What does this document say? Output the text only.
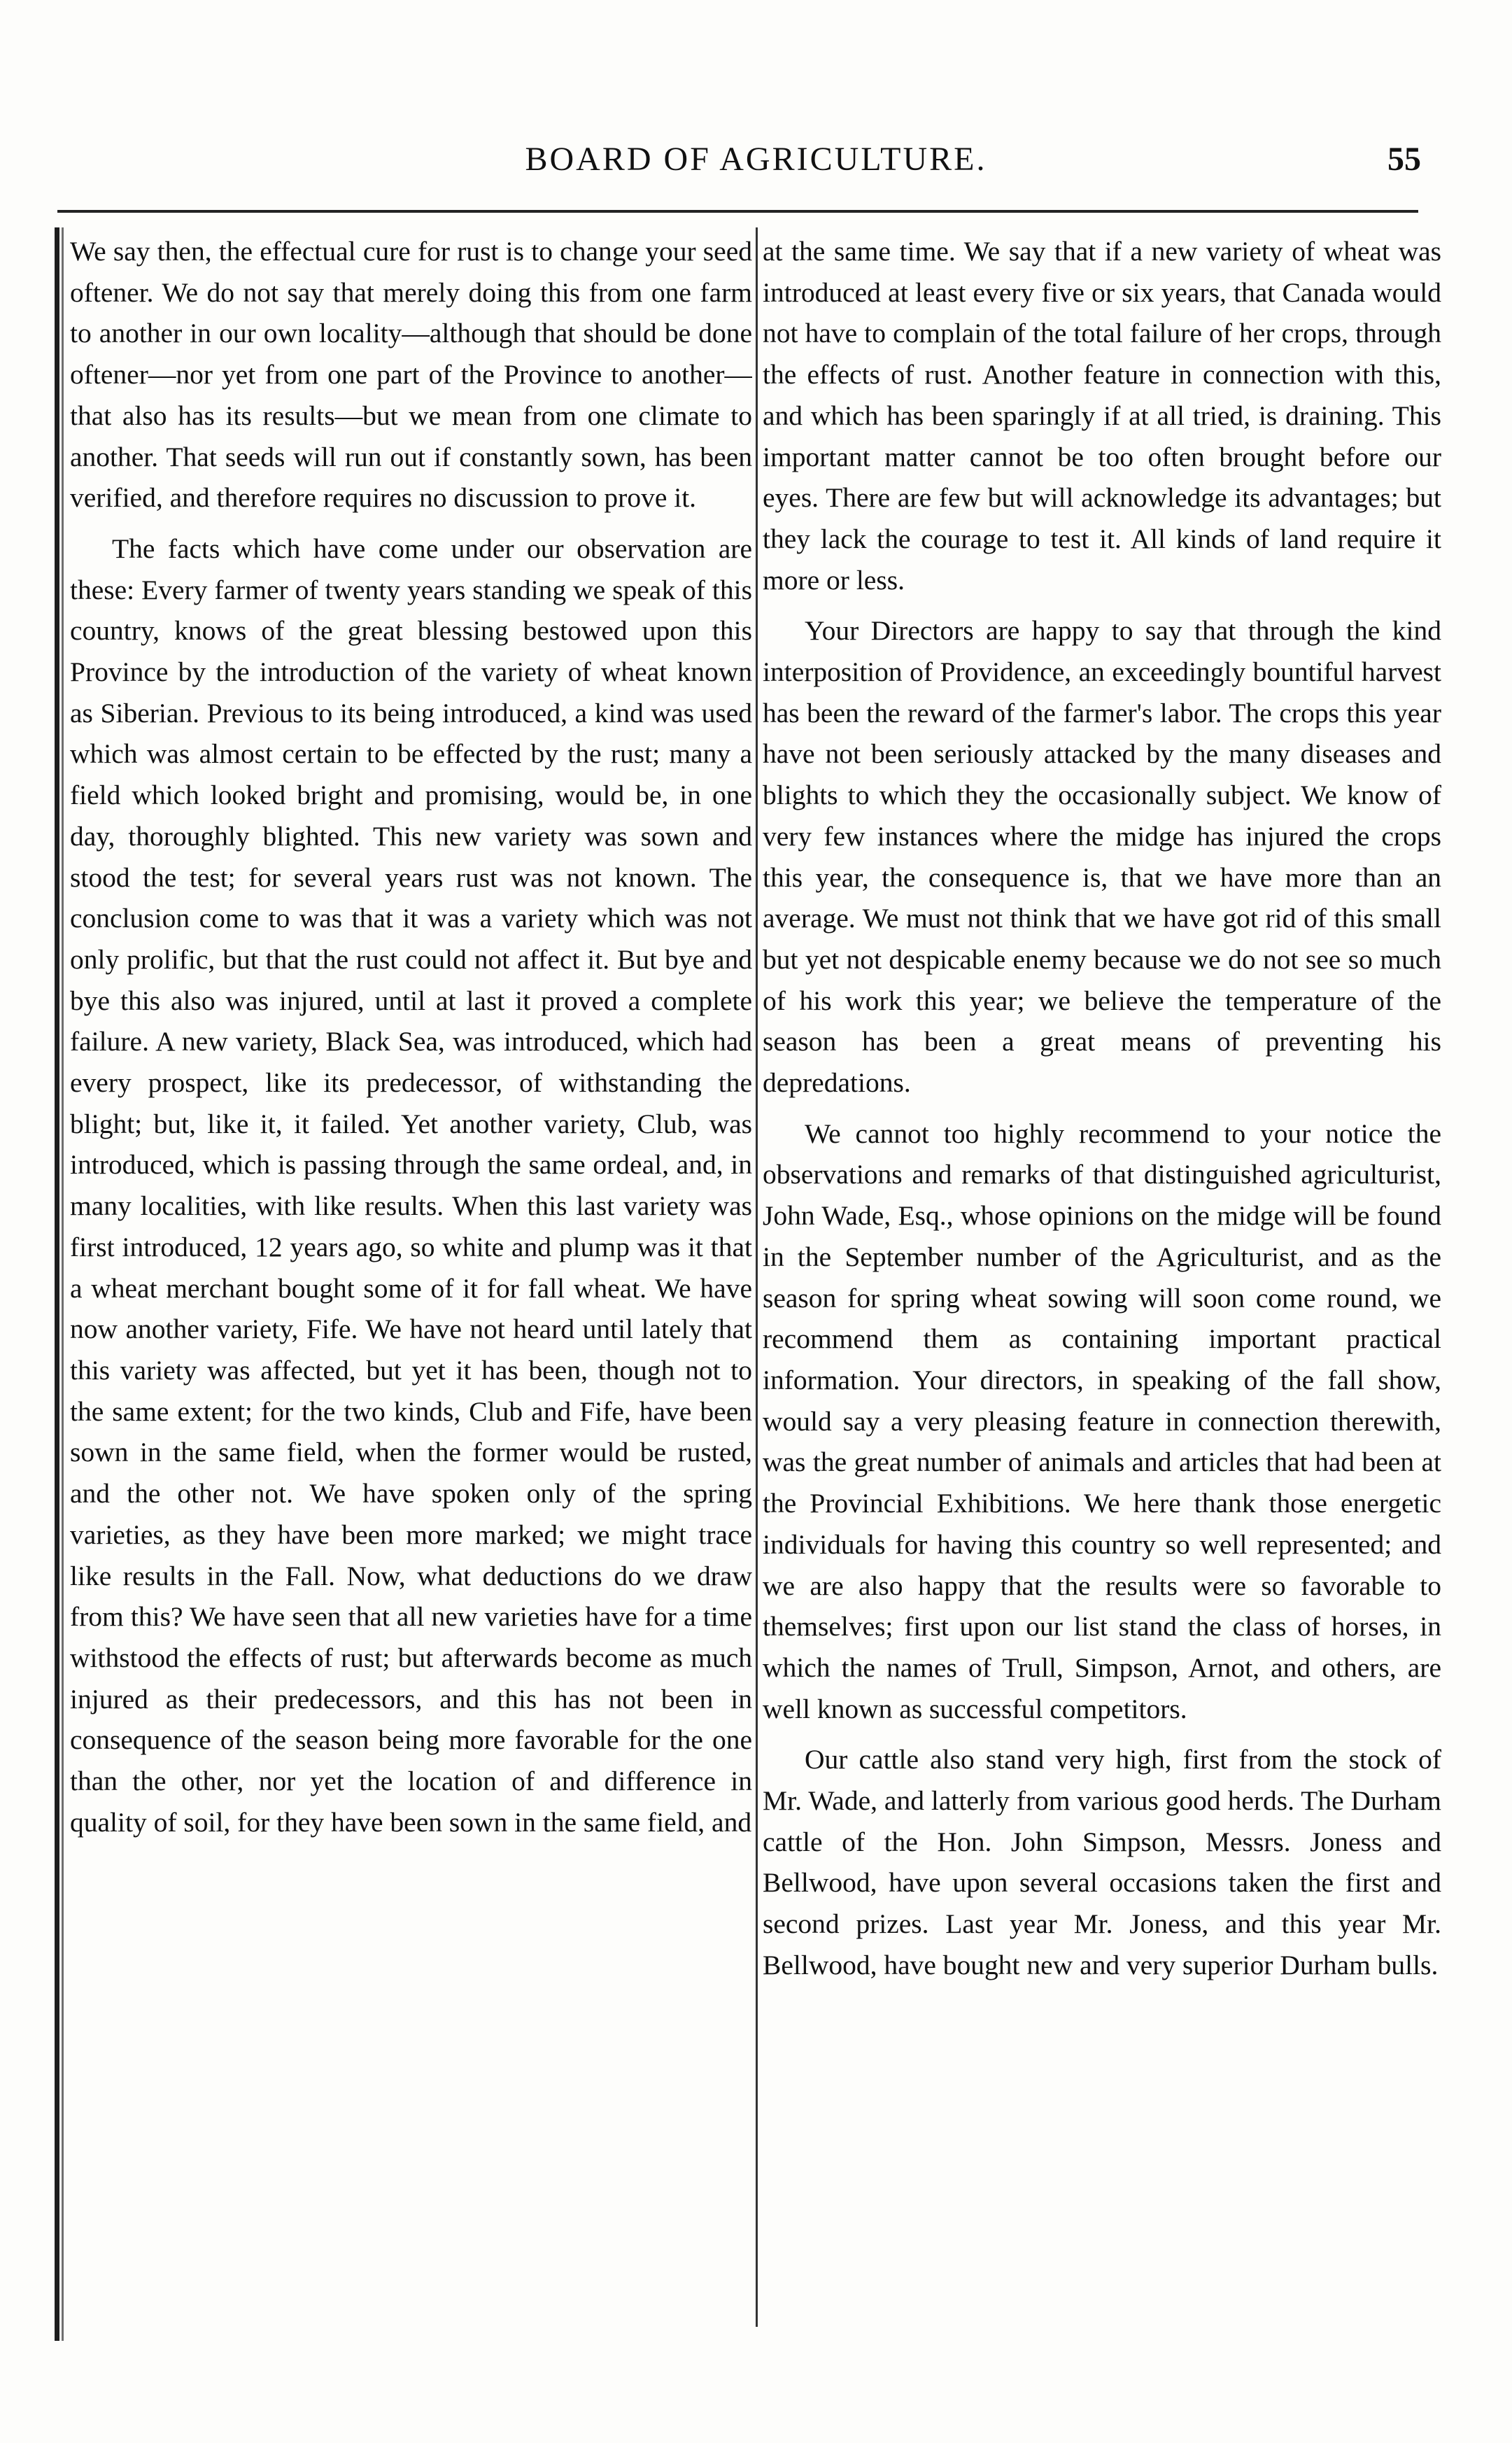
BOARD OF AGRICULTURE.	55

We say then, the effectual cure for rust is to change your seed oftener. We do not say that merely doing this from one farm to another in our own locality—although that should be done oftener—nor yet from one part of the Province to another—that also has its results—but we mean from one climate to another. That seeds will run out if constantly sown, has been verified, and therefore requires no discussion to prove it.

The facts which have come under our observation are these: Every farmer of twenty years standing we speak of this country, knows of the great blessing bestowed upon this Province by the introduction of the variety of wheat known as Siberian. Previous to its being introduced, a kind was used which was almost certain to be effected by the rust; many a field which looked bright and promising, would be, in one day, thoroughly blighted. This new variety was sown and stood the test; for several years rust was not known. The conclusion come to was that it was a variety which was not only prolific, but that the rust could not affect it. But bye and bye this also was injured, until at last it proved a complete failure. A new variety, Black Sea, was introduced, which had every prospect, like its predecessor, of withstanding the blight; but, like it, it failed. Yet another variety, Club, was introduced, which is passing through the same ordeal, and, in many localities, with like results. When this last variety was first introduced, 12 years ago, so white and plump was it that a wheat merchant bought some of it for fall wheat. We have now another variety, Fife. We have not heard until lately that this variety was affected, but yet it has been, though not to the same extent; for the two kinds, Club and Fife, have been sown in the same field, when the former would be rusted, and the other not. We have spoken only of the spring varieties, as they have been more marked; we might trace like results in the Fall. Now, what deductions do we draw from this? We have seen that all new varieties have for a time withstood the effects of rust; but afterwards become as much injured as their predecessors, and this has not been in consequence of the season being more favorable for the one than the other, nor yet the location of and difference in quality of soil, for they have been sown in the same field, and

at the same time. We say that if a new variety of wheat was introduced at least every five or six years, that Canada would not have to complain of the total failure of her crops, through the effects of rust. Another feature in connection with this, and which has been sparingly if at all tried, is draining. This important matter cannot be too often brought before our eyes. There are few but will acknowledge its advantages; but they lack the courage to test it. All kinds of land require it more or less.

Your Directors are happy to say that through the kind interposition of Providence, an exceedingly bountiful harvest has been the reward of the farmer's labor. The crops this year have not been seriously attacked by the many diseases and blights to which they the occasionally subject. We know of very few instances where the midge has injured the crops this year, the consequence is, that we have more than an average. We must not think that we have got rid of this small but yet not despicable enemy because we do not see so much of his work this year; we believe the temperature of the season has been a great means of preventing his depredations.

We cannot too highly recommend to your notice the observations and remarks of that distinguished agriculturist, John Wade, Esq., whose opinions on the midge will be found in the September number of the Agriculturist, and as the season for spring wheat sowing will soon come round, we recommend them as containing important practical information. Your directors, in speaking of the fall show, would say a very pleasing feature in connection therewith, was the great number of animals and articles that had been at the Provincial Exhibitions. We here thank those energetic individuals for having this country so well represented; and we are also happy that the results were so favorable to themselves; first upon our list stand the class of horses, in which the names of Trull, Simpson, Arnot, and others, are well known as successful competitors.

Our cattle also stand very high, first from the stock of Mr. Wade, and latterly from various good herds. The Durham cattle of the Hon. John Simpson, Messrs. Joness and Bellwood, have upon several occasions taken the first and second prizes. Last year Mr. Joness, and this year Mr. Bellwood, have bought new and very superior Durham bulls.
